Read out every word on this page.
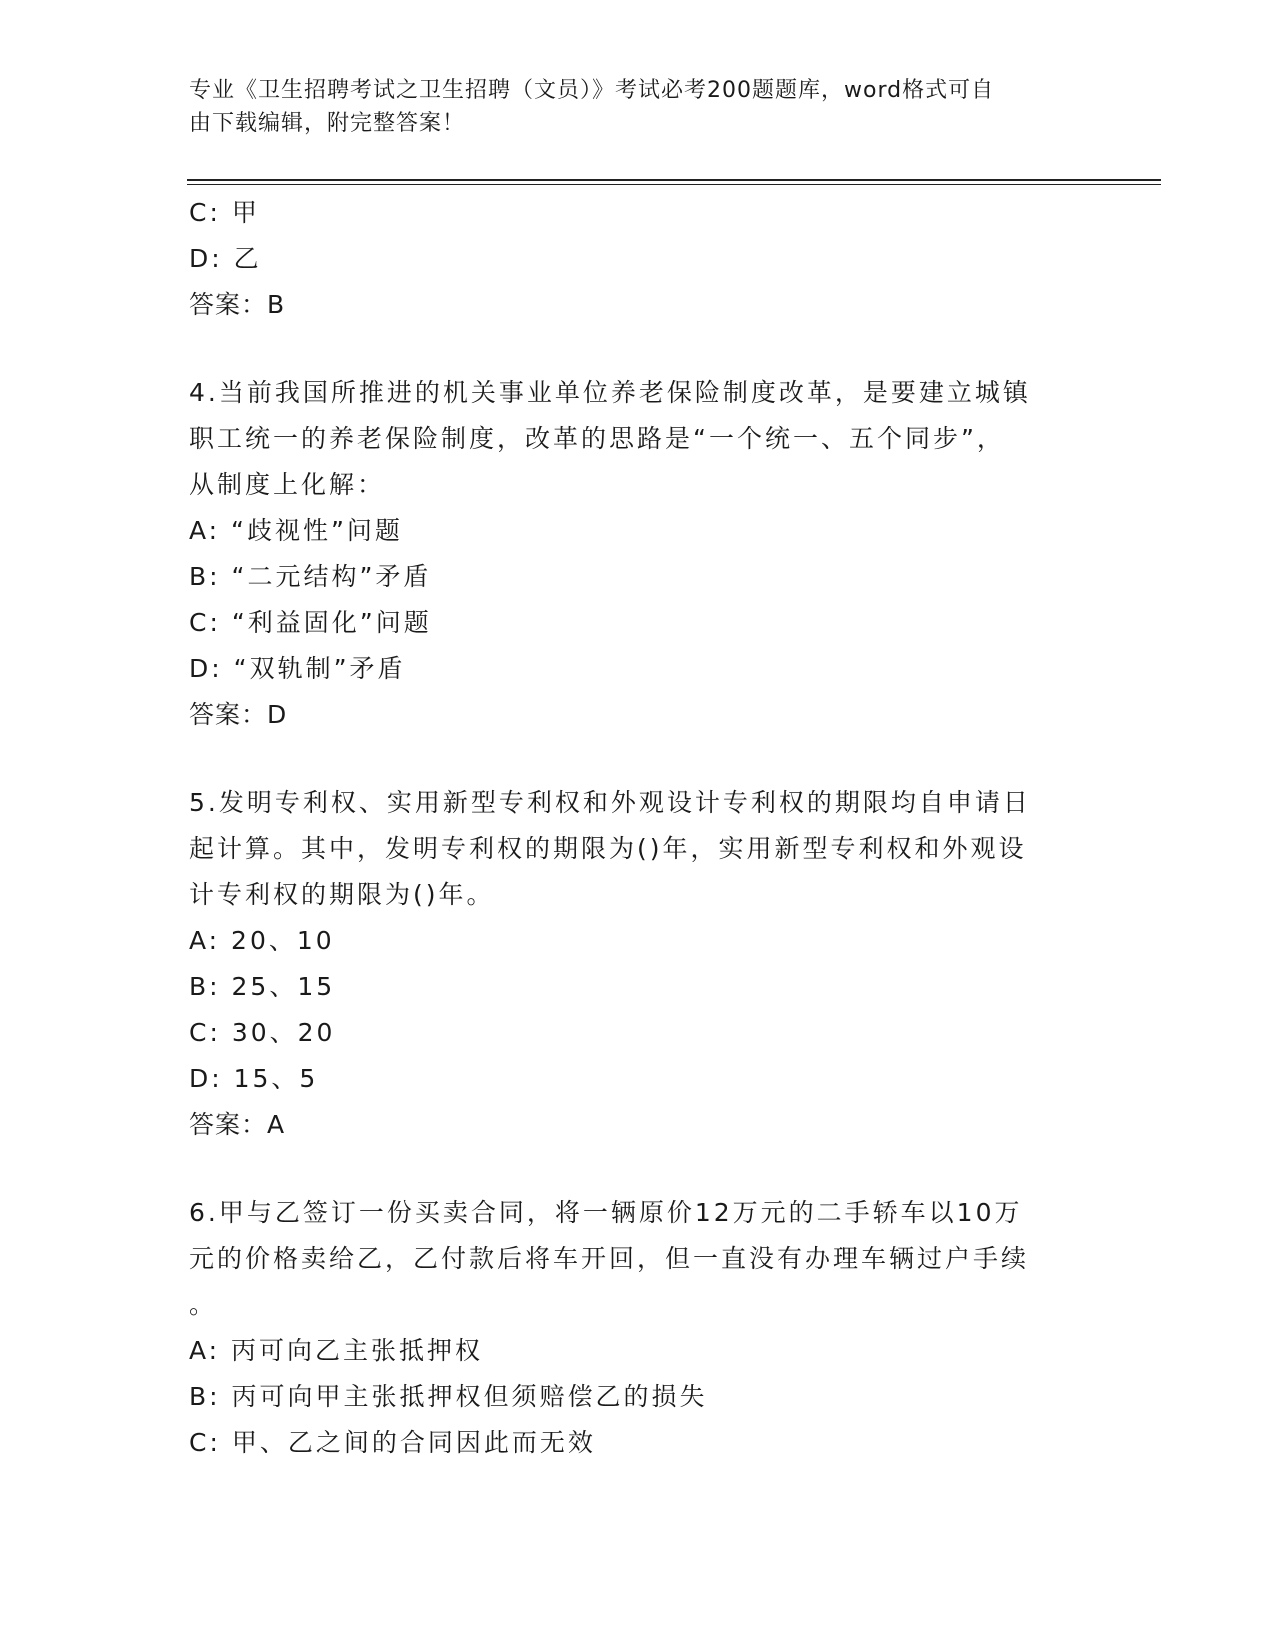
专业《卫生招聘考试之卫生招聘（文员）》考试必考200题题库，word格式可自
由下载编辑，附完整答案！
C: 甲
D: 乙
答案：B
4.当前我国所推进的机关事业单位养老保险制度改革，是要建立城镇
职工统一的养老保险制度，改革的思路是“一个统一、五个同步”，
从制度上化解：
A: “歧视性”问题
B: “二元结构”矛盾
C: “利益固化”问题
D: “双轨制”矛盾
答案：D
5.发明专利权、实用新型专利权和外观设计专利权的期限均自申请日
起计算。其中，发明专利权的期限为()年，实用新型专利权和外观设
计专利权的期限为()年。
A: 20、10
B: 25、15
C: 30、20
D: 15、5
答案：A
6.甲与乙签订一份买卖合同，将一辆原价12万元的二手轿车以10万
元的价格卖给乙，乙付款后将车开回，但一直没有办理车辆过户手续
。
A: 丙可向乙主张抵押权
B: 丙可向甲主张抵押权但须赔偿乙的损失
C: 甲、乙之间的合同因此而无效
